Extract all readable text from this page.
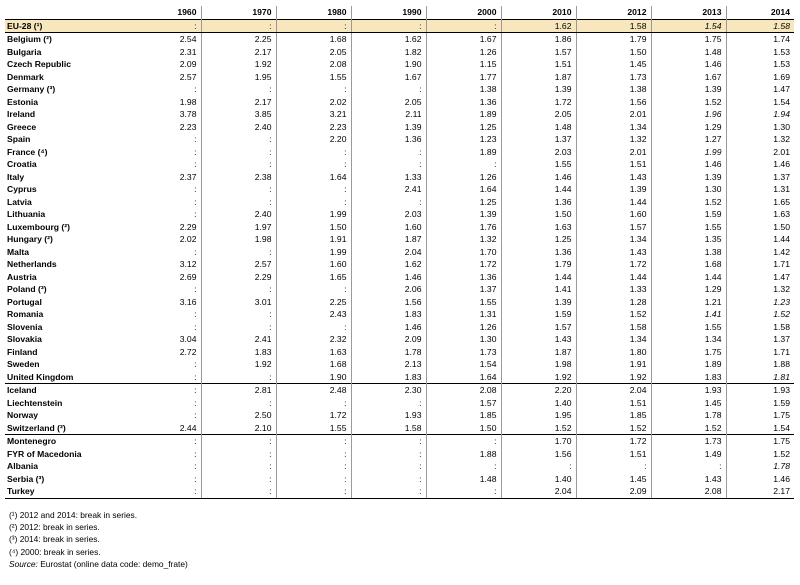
	1960	1970	1980	1990	2000	2010	2012	2013	2014
EU-28 (¹)	:	:	:	:	:	1.62	1.58	1.54	1.58
Belgium (²)	2.54	2.25	1.68	1.62	1.67	1.86	1.79	1.75	1.74
Bulgaria	2.31	2.17	2.05	1.82	1.26	1.57	1.50	1.48	1.53
Czech Republic	2.09	1.92	2.08	1.90	1.15	1.51	1.45	1.46	1.53
Denmark	2.57	1.95	1.55	1.67	1.77	1.87	1.73	1.67	1.69
Germany (³)	:	:	:	:	1.38	1.39	1.38	1.39	1.47
Estonia	1.98	2.17	2.02	2.05	1.36	1.72	1.56	1.52	1.54
Ireland	3.78	3.85	3.21	2.11	1.89	2.05	2.01	1.96	1.94
Greece	2.23	2.40	2.23	1.39	1.25	1.48	1.34	1.29	1.30
Spain	:	:	2.20	1.36	1.23	1.37	1.32	1.27	1.32
France (⁴)	:	:	:	:	1.89	2.03	2.01	1.99	2.01
Croatia	:	:	:	:	:	1.55	1.51	1.46	1.46
Italy	2.37	2.38	1.64	1.33	1.26	1.46	1.43	1.39	1.37
Cyprus	:	:	:	2.41	1.64	1.44	1.39	1.30	1.31
Latvia	:	:	:	:	1.25	1.36	1.44	1.52	1.65
Lithuania	:	2.40	1.99	2.03	1.39	1.50	1.60	1.59	1.63
Luxembourg (²)	2.29	1.97	1.50	1.60	1.76	1.63	1.57	1.55	1.50
Hungary (²)	2.02	1.98	1.91	1.87	1.32	1.25	1.34	1.35	1.44
Malta	:	:	1.99	2.04	1.70	1.36	1.43	1.38	1.42
Netherlands	3.12	2.57	1.60	1.62	1.72	1.79	1.72	1.68	1.71
Austria	2.69	2.29	1.65	1.46	1.36	1.44	1.44	1.44	1.47
Poland (³)	:	:	:	2.06	1.37	1.41	1.33	1.29	1.32
Portugal	3.16	3.01	2.25	1.56	1.55	1.39	1.28	1.21	1.23
Romania	:	:	2.43	1.83	1.31	1.59	1.52	1.41	1.52
Slovenia	:	:	:	1.46	1.26	1.57	1.58	1.55	1.58
Slovakia	3.04	2.41	2.32	2.09	1.30	1.43	1.34	1.34	1.37
Finland	2.72	1.83	1.63	1.78	1.73	1.87	1.80	1.75	1.71
Sweden	:	1.92	1.68	2.13	1.54	1.98	1.91	1.89	1.88
United Kingdom	:	:	1.90	1.83	1.64	1.92	1.92	1.83	1.81
Iceland	:	2.81	2.48	2.30	2.08	2.20	2.04	1.93	1.93
Liechtenstein	:	:	:	:	1.57	1.40	1.51	1.45	1.59
Norway	:	2.50	1.72	1.93	1.85	1.95	1.85	1.78	1.75
Switzerland (²)	2.44	2.10	1.55	1.58	1.50	1.52	1.52	1.52	1.54
Montenegro	:	:	:	:	:	1.70	1.72	1.73	1.75
FYR of Macedonia	:	:	:	:	1.88	1.56	1.51	1.49	1.52
Albania	:	:	:	:	:	:	:	:	1.78
Serbia (³)	:	:	:	:	1.48	1.40	1.45	1.43	1.46
Turkey	:	:	:	:	:	2.04	2.09	2.08	2.17
(¹) 2012 and 2014: break in series.
(²) 2012: break in series.
(³) 2014: break in series.
(⁴) 2000: break in series.
Source: Eurostat (online data code: demo_frate)
